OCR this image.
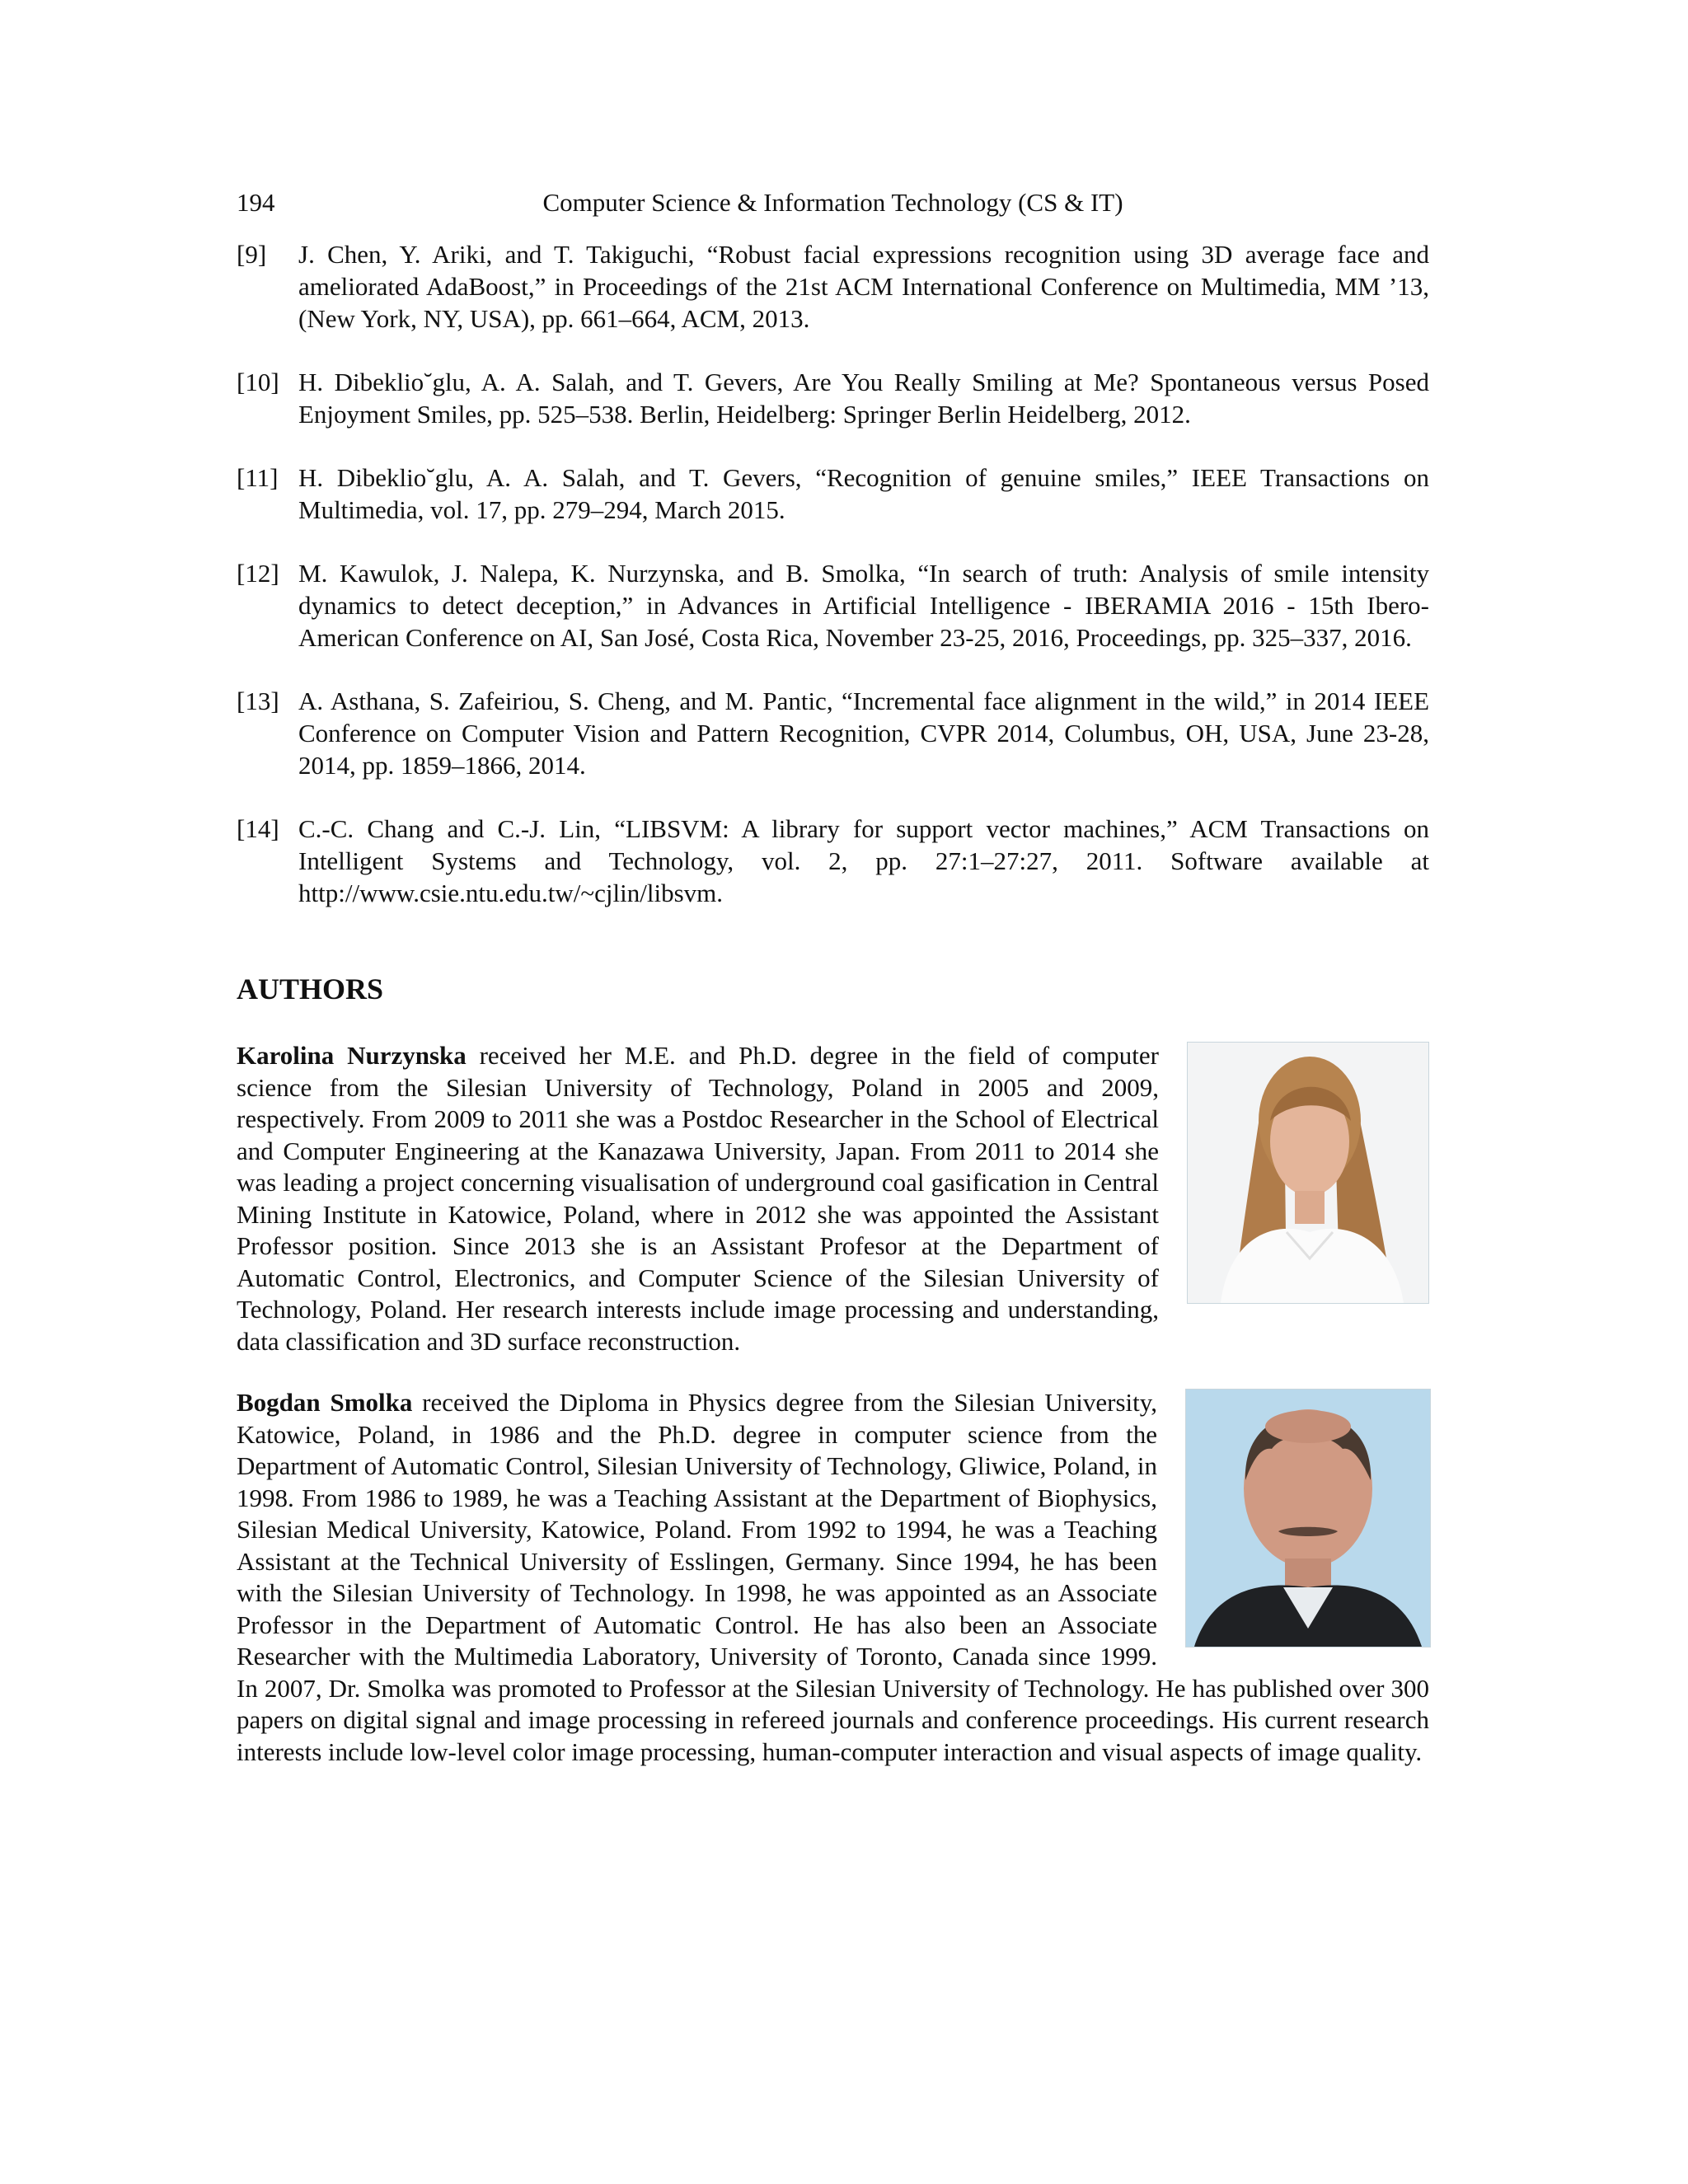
194	Computer Science & Information Technology (CS & IT)
[9] J. Chen, Y. Ariki, and T. Takiguchi, “Robust facial expressions recognition using 3D average face and ameliorated AdaBoost,” in Proceedings of the 21st ACM International Conference on Multimedia, MM ’13, (New York, NY, USA), pp. 661–664, ACM, 2013.
[10] H. Dibeklio˘glu, A. A. Salah, and T. Gevers, Are You Really Smiling at Me? Spontaneous versus Posed Enjoyment Smiles, pp. 525–538. Berlin, Heidelberg: Springer Berlin Heidelberg, 2012.
[11] H. Dibeklio˘glu, A. A. Salah, and T. Gevers, “Recognition of genuine smiles,” IEEE Transactions on Multimedia, vol. 17, pp. 279–294, March 2015.
[12] M. Kawulok, J. Nalepa, K. Nurzynska, and B. Smolka, “In search of truth: Analysis of smile intensity dynamics to detect deception,” in Advances in Artificial Intelligence - IBERAMIA 2016 - 15th Ibero-American Conference on AI, San José, Costa Rica, November 23-25, 2016, Proceedings, pp. 325–337, 2016.
[13] A. Asthana, S. Zafeiriou, S. Cheng, and M. Pantic, “Incremental face alignment in the wild,” in 2014 IEEE Conference on Computer Vision and Pattern Recognition, CVPR 2014, Columbus, OH, USA, June 23-28, 2014, pp. 1859–1866, 2014.
[14] C.-C. Chang and C.-J. Lin, “LIBSVM: A library for support vector machines,” ACM Transactions on Intelligent Systems and Technology, vol. 2, pp. 27:1–27:27, 2011. Software available at http://www.csie.ntu.edu.tw/~cjlin/libsvm.
AUTHORS
Karolina Nurzynska received her M.E. and Ph.D. degree in the field of computer science from the Silesian University of Technology, Poland in 2005 and 2009, respectively. From 2009 to 2011 she was a Postdoc Researcher in the School of Electrical and Computer Engineering at the Kanazawa University, Japan. From 2011 to 2014 she was leading a project concerning visualisation of underground coal gasification in Central Mining Institute in Katowice, Poland, where in 2012 she was appointed the Assistant Professor position. Since 2013 she is an Assistant Profesor at the Department of Automatic Control, Electronics, and Computer Science of the Silesian University of Technology, Poland. Her research interests include image processing and understanding, data classification and 3D surface reconstruction.
Bogdan Smolka received the Diploma in Physics degree from the Silesian University, Katowice, Poland, in 1986 and the Ph.D. degree in computer science from the Department of Automatic Control, Silesian University of Technology, Gliwice, Poland, in 1998. From 1986 to 1989, he was a Teaching Assistant at the Department of Biophysics, Silesian Medical University, Katowice, Poland. From 1992 to 1994, he was a Teaching Assistant at the Technical University of Esslingen, Germany. Since 1994, he has been with the Silesian University of Technology. In 1998, he was appointed as an Associate Professor in the Department of Automatic Control. He has also been an Associate Researcher with the Multimedia Laboratory, University of Toronto, Canada since 1999. In 2007, Dr. Smolka was promoted to Professor at the Silesian University of Technology. He has published over 300 papers on digital signal and image processing in refereed journals and conference proceedings. His current research interests include low-level color image processing, human-computer interaction and visual aspects of image quality.
